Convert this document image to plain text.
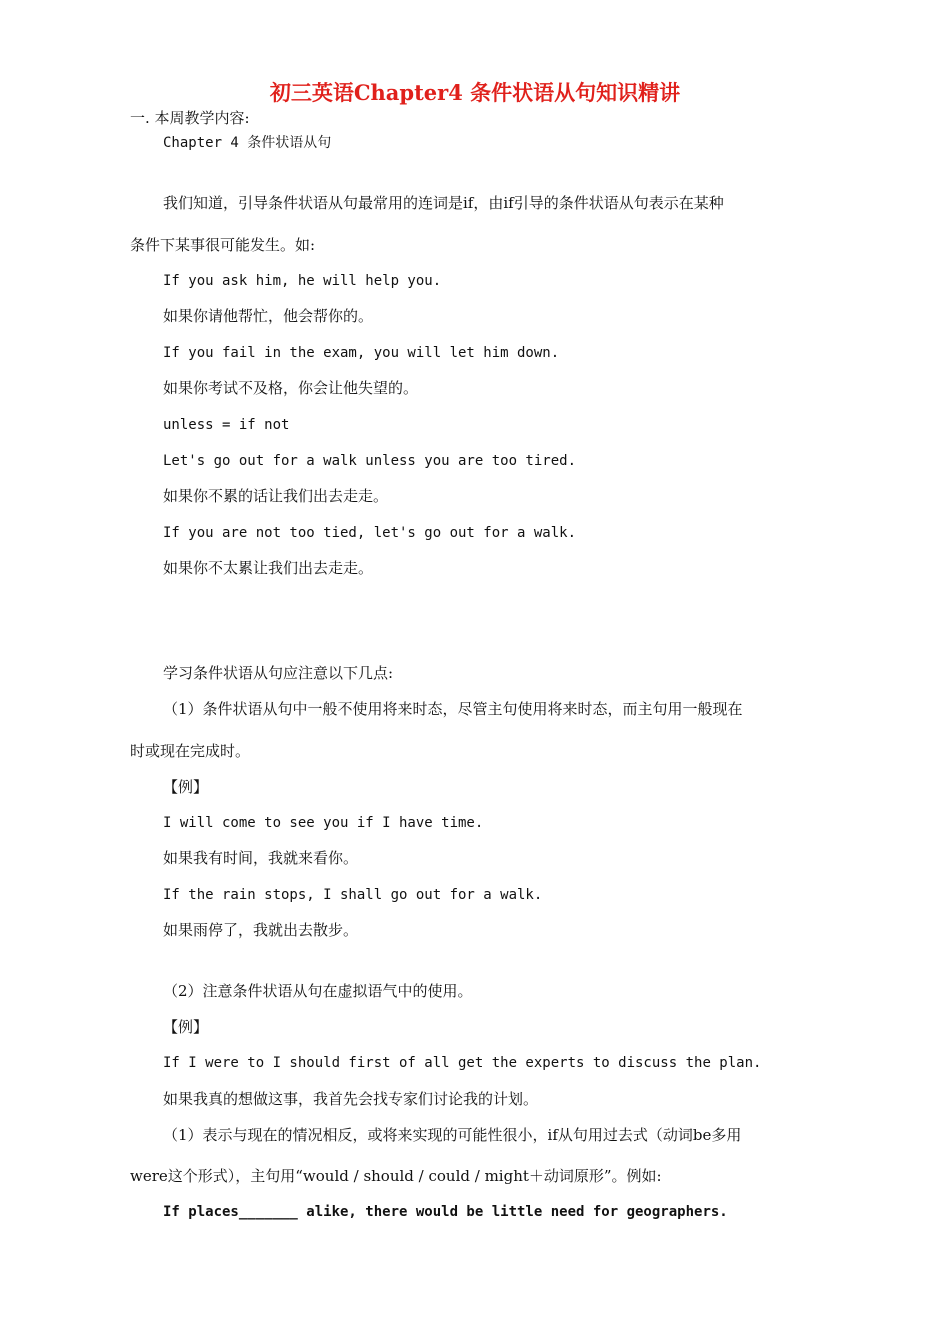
初三英语Chapter4 条件状语从句知识精讲
一. 本周教学内容:
Chapter 4 条件状语从句
我们知道，引导条件状语从句最常用的连词是if，由if引导的条件状语从句表示在某种
条件下某事很可能发生。如:
If you ask him, he will help you.
如果你请他帮忙，他会帮你的。
If you fail in the exam, you will let him down.
如果你考试不及格，你会让他失望的。
unless = if not
Let's go out for a walk unless you are too tired.
如果你不累的话让我们出去走走。
If you are not too tied, let's go out for a walk.
如果你不太累让我们出去走走。
学习条件状语从句应注意以下几点:
（1）条件状语从句中一般不使用将来时态，尽管主句使用将来时态，而主句用一般现在
时或现在完成时。
【例】
I will come to see you if I have time.
如果我有时间，我就来看你。
If the rain stops, I shall go out for a walk.
如果雨停了，我就出去散步。
（2）注意条件状语从句在虚拟语气中的使用。
【例】
If I were to I should first of all get the experts to discuss the plan.
如果我真的想做这事，我首先会找专家们讨论我的计划。
（1）表示与现在的情况相反，或将来实现的可能性很小，if从句用过去式（动词be多用
were这个形式），主句用“would / should / could / might＋动词原形”。例如:
If places_______ alike, there would be little need for geographers.
